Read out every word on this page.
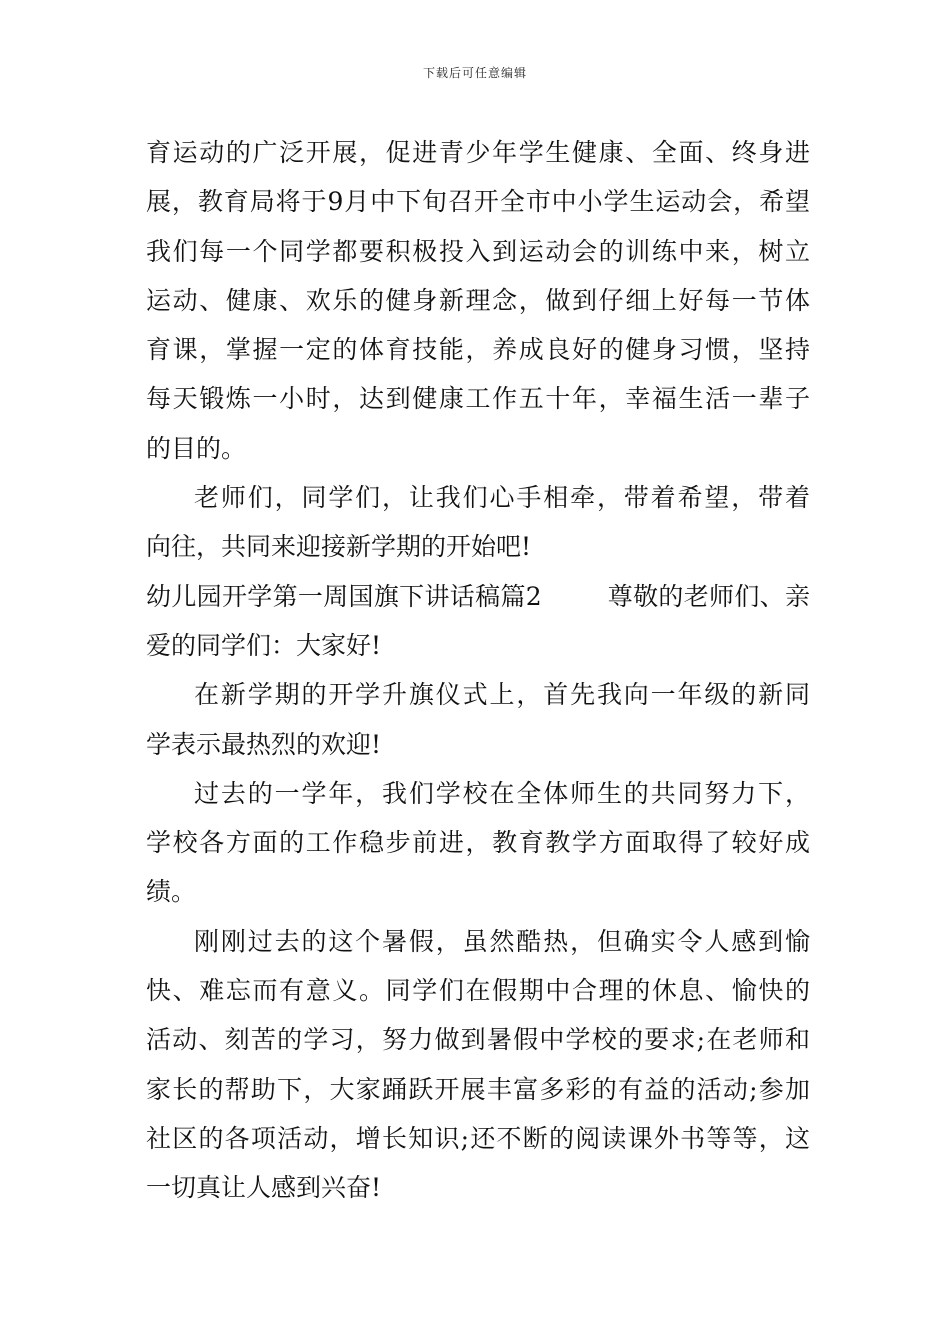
下载后可任意编辑
育运动的广泛开展，促进青少年学生健康、全面、终身进
展，教育局将于9月中下旬召开全市中小学生运动会，希望
我们每一个同学都要积极投入到运动会的训练中来，树立
运动、健康、欢乐的健身新理念，做到仔细上好每一节体
育课，掌握一定的体育技能，养成良好的健身习惯，坚持
每天锻炼一小时，达到健康工作五十年，幸福生活一辈子
的目的。
老师们，同学们，让我们心手相牵，带着希望，带着
向往，共同来迎接新学期的开始吧!
幼儿园开学第一周国旗下讲话稿篇2        尊敬的老师们、亲
爱的同学们：大家好!
在新学期的开学升旗仪式上，首先我向一年级的新同
学表示最热烈的欢迎!
过去的一学年，我们学校在全体师生的共同努力下，
学校各方面的工作稳步前进，教育教学方面取得了较好成
绩。
刚刚过去的这个暑假，虽然酷热，但确实令人感到愉
快、难忘而有意义。同学们在假期中合理的休息、愉快的
活动、刻苦的学习，努力做到暑假中学校的要求;在老师和
家长的帮助下，大家踊跃开展丰富多彩的有益的活动;参加
社区的各项活动，增长知识;还不断的阅读课外书等等，这
一切真让人感到兴奋!
